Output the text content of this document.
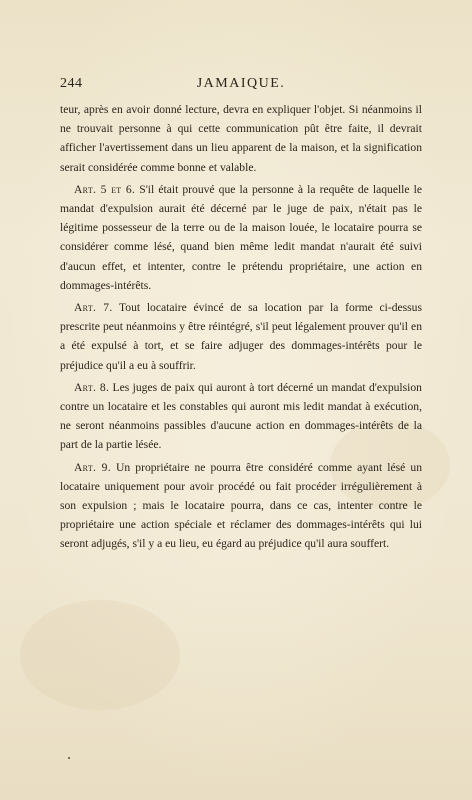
244	JAMAIQUE.

teur, après en avoir donné lecture, devra en expliquer l'objet. Si néanmoins il ne trouvait personne à qui cette communication pût être faite, il devrait afficher l'avertissement dans un lieu apparent de la maison, et la signification serait considérée comme bonne et valable.

Art. 5 et 6. S'il était prouvé que la personne à la requête de laquelle le mandat d'expulsion aurait été décerné par le juge de paix, n'était pas le légitime possesseur de la terre ou de la maison louée, le locataire pourra se considérer comme lésé, quand bien même ledit mandat n'aurait été suivi d'aucun effet, et intenter, contre le prétendu propriétaire, une action en dommages-intérêts.

Art. 7. Tout locataire évincé de sa location par la forme ci-dessus prescrite peut néanmoins y être réintégré, s'il peut légalement prouver qu'il en a été expulsé à tort, et se faire adjuger des dommages-intérêts pour le préjudice qu'il a eu à souffrir.

Art. 8. Les juges de paix qui auront à tort décerné un mandat d'expulsion contre un locataire et les constables qui auront mis ledit mandat à exécution, ne seront néanmoins passibles d'aucune action en dommages-intérêts de la part de la partie lésée.

Art. 9. Un propriétaire ne pourra être considéré comme ayant lésé un locataire uniquement pour avoir procédé ou fait procéder irrégulièrement à son expulsion ; mais le locataire pourra, dans ce cas, intenter contre le propriétaire une action spéciale et réclamer des dommages-intérêts qui lui seront adjugés, s'il y a eu lieu, eu égard au préjudice qu'il aura souffert.
